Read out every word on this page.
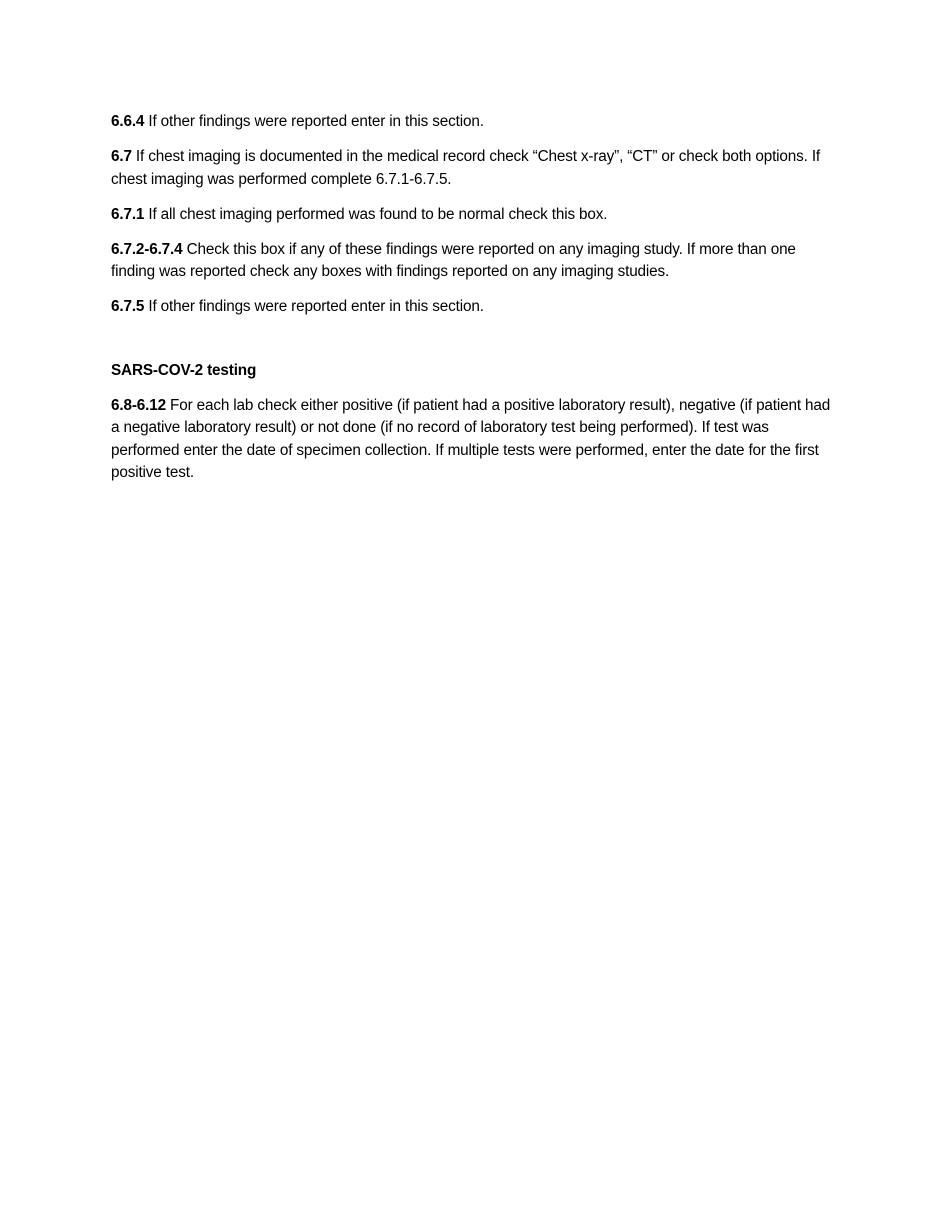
6.6.4 If other findings were reported enter in this section.

6.7 If chest imaging is documented in the medical record check “Chest x-ray”, “CT” or check both options. If chest imaging was performed complete 6.7.1-6.7.5.

6.7.1 If all chest imaging performed was found to be normal check this box.

6.7.2-6.7.4 Check this box if any of these findings were reported on any imaging study. If more than one finding was reported check any boxes with findings reported on any imaging studies.

6.7.5 If other findings were reported enter in this section.

SARS-COV-2 testing

6.8-6.12 For each lab check either positive (if patient had a positive laboratory result), negative (if patient had a negative laboratory result) or not done (if no record of laboratory test being performed). If test was performed enter the date of specimen collection. If multiple tests were performed, enter the date for the first positive test.
